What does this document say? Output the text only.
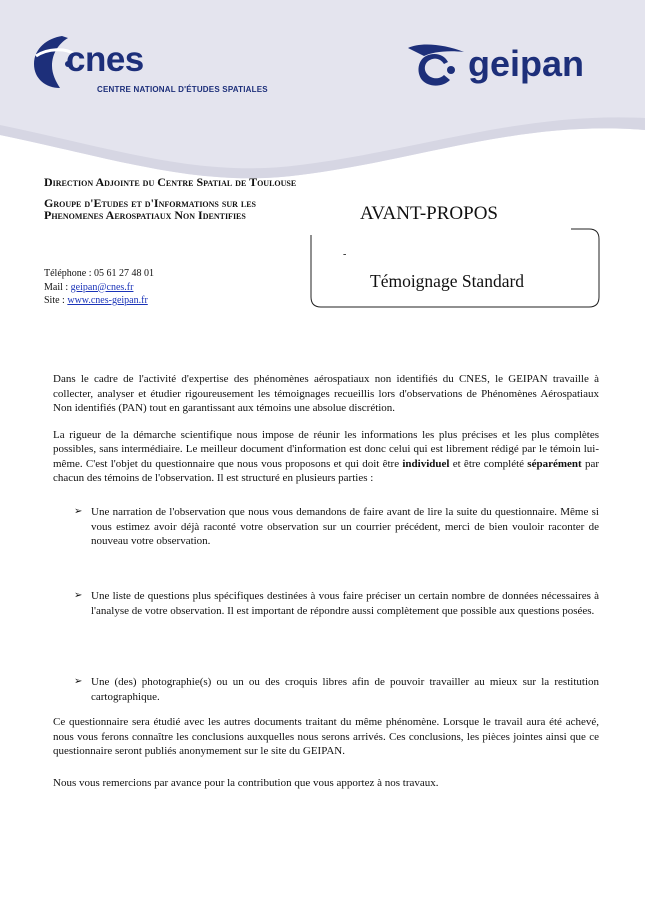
cnes
CENTRE NATIONAL D'ÉTUDES SPATIALES
geipan
Direction Adjointe du Centre Spatial de Toulouse
Groupe d'Etudes et d'Informations sur les Phenomenes Aerospatiaux Non Identifies
Téléphone : 05 61 27 48 01
Mail : geipan@cnes.fr
Site : www.cnes-geipan.fr
AVANT-PROPOS
-
Témoignage Standard

Dans le cadre de l'activité d'expertise des phénomènes aérospatiaux non identifiés du CNES, le GEIPAN travaille à collecter, analyser et étudier rigoureusement les témoignages recueillis lors d'observations de Phénomènes Aérospatiaux Non identifiés (PAN) tout en garantissant aux témoins une absolue discrétion.

La rigueur de la démarche scientifique nous impose de réunir les informations les plus précises et les plus complètes possibles, sans intermédiaire. Le meilleur document d'information est donc celui qui est librement rédigé par le témoin lui-même. C'est l'objet du questionnaire que nous vous proposons et qui doit être individuel et être complété séparément par chacun des témoins de l'observation. Il est structuré en plusieurs parties :

➢ Une narration de l'observation que nous vous demandons de faire avant de lire la suite du questionnaire. Même si vous estimez avoir déjà raconté votre observation sur un courrier précédent, merci de bien vouloir raconter de nouveau votre observation.
➢ Une liste de questions plus spécifiques destinées à vous faire préciser un certain nombre de données nécessaires à l'analyse de votre observation. Il est important de répondre aussi complètement que possible aux questions posées.
➢ Une (des) photographie(s) ou un ou des croquis libres afin de pouvoir travailler au mieux sur la restitution cartographique.
Ce questionnaire sera étudié avec les autres documents traitant du même phénomène. Lorsque le travail aura été achevé, nous vous ferons connaître les conclusions auxquelles nous serons arrivés. Ces conclusions, les pièces jointes ainsi que ce questionnaire seront publiés anonymement sur le site du GEIPAN.
Nous vous remercions par avance pour la contribution que vous apportez à nos travaux.
